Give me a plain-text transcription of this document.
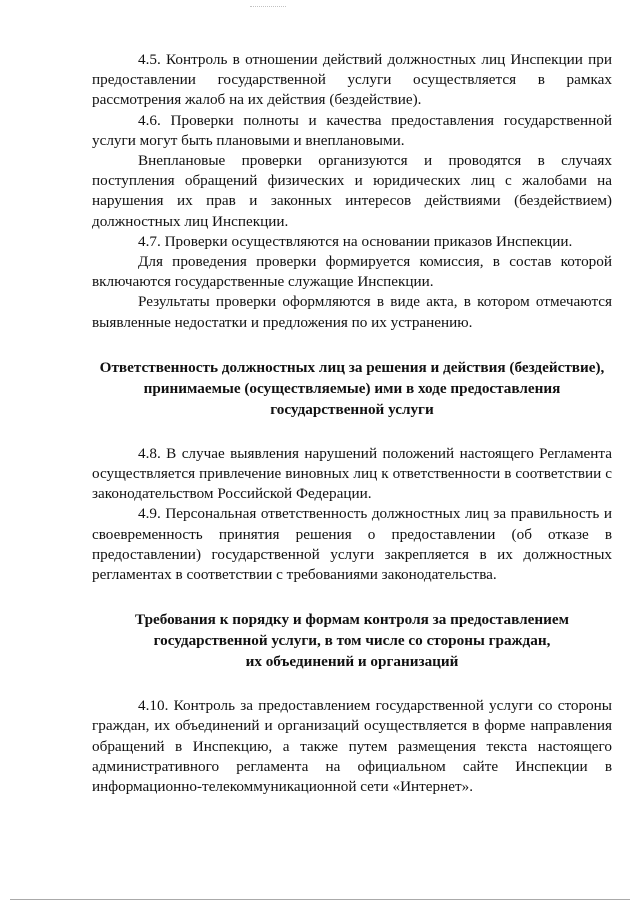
4.5. Контроль в отношении действий должностных лиц Инспекции при предоставлении государственной услуги осуществляется в рамках рассмотрения жалоб на их действия (бездействие).

4.6. Проверки полноты и качества предоставления государственной услуги могут быть плановыми и внеплановыми.

Внеплановые проверки организуются и проводятся в случаях поступления обращений физических и юридических лиц с жалобами на нарушения их прав и законных интересов действиями (бездействием) должностных лиц Инспекции.

4.7. Проверки осуществляются на основании приказов Инспекции.

Для проведения проверки формируется комиссия, в состав которой включаются государственные служащие Инспекции.

Результаты проверки оформляются в виде акта, в котором отмечаются выявленные недостатки и предложения по их устранению.

Ответственность должностных лиц за решения и действия (бездействие),
принимаемые (осуществляемые) ими в ходе предоставления
государственной услуги

4.8. В случае выявления нарушений положений настоящего Регламента осуществляется привлечение виновных лиц к ответственности в соответствии с законодательством Российской Федерации.

4.9. Персональная ответственность должностных лиц за правильность и своевременность принятия решения о предоставлении (об отказе в предоставлении) государственной услуги закрепляется в их должностных регламентах в соответствии с требованиями законодательства.

Требования к порядку и формам контроля за предоставлением
государственной услуги, в том числе со стороны граждан,
их объединений и организаций

4.10. Контроль за предоставлением государственной услуги со стороны граждан, их объединений и организаций осуществляется в форме направления обращений в Инспекцию, а также путем размещения текста настоящего административного регламента на официальном сайте Инспекции в информационно-телекоммуникационной сети «Интернет».
